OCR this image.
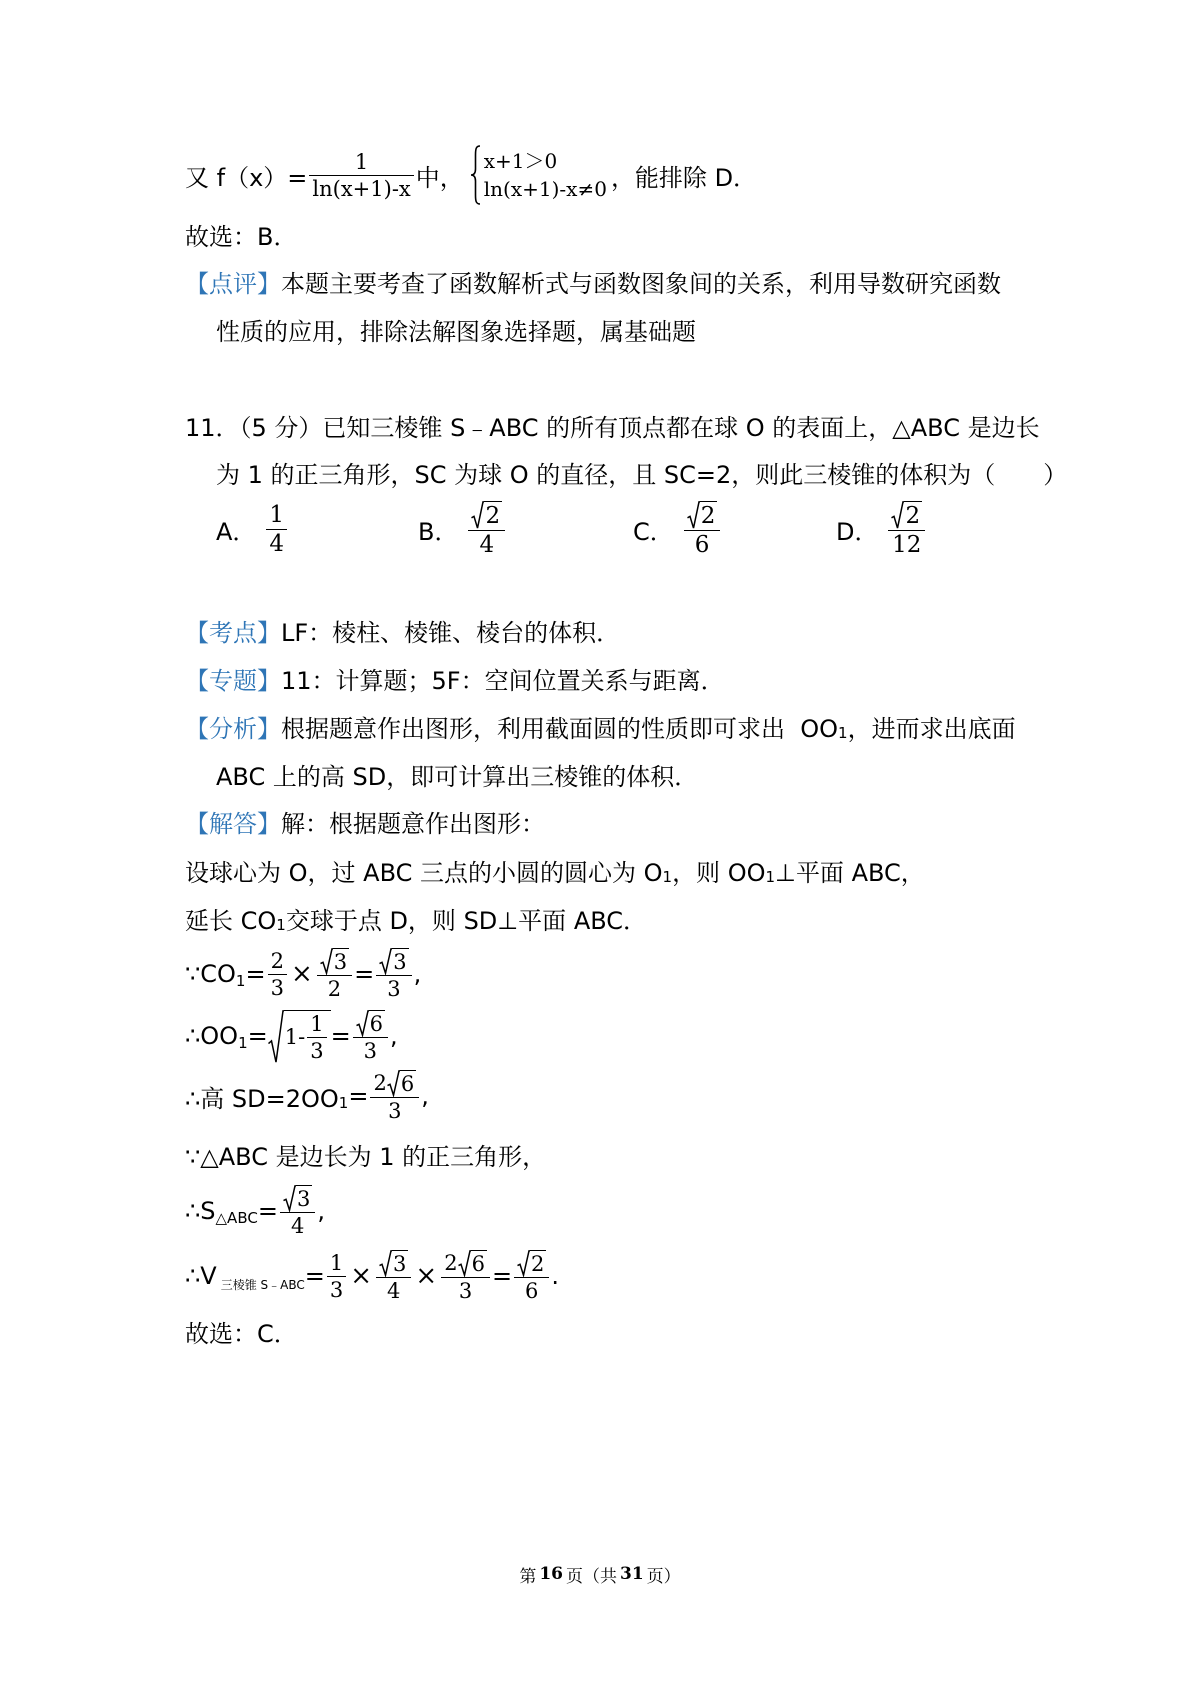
又 $f(x)= \frac{1}{\ln(x+1)-x}$ 中，
x+1＞0
ln(x+1)-x≠0 ，能排除 D．
故选：B．
【点评】 本题主要考查了函数解析式与函数图象间的关系，利用导数研究函数
性质的应用，排除法解图象选择题，属基础题
11．（5 分）已知三棱锥 S﹣ABC 的所有顶点都在球 O 的表面上，△ABC 是边长
为 1 的正三角形，SC 为球 O 的直径，且 SC=2，则此三棱锥的体积为（　　）
A． $\frac{1}{4}$	B． $\frac{2}{4}$	C． $\frac{2}{6}$	D． $\frac{2}{12}$
【考点】 LF：棱柱、棱锥、棱台的体积．
【专题】 11：计算题；5F：空间位置关系与距离．
【分析】 根据题意作出图形，利用截面圆的性质即可求出  OO 1 ，进而求出底面
ABC 上的高 SD，即可计算出三棱锥的体积．
【解答】 解：根据题意作出图形：
设球心为 O，过 ABC 三点的小圆的圆心为 O 1 ，则 OO 1 ⊥平面 ABC，
延长 CO 1 交球于点 D，则 SD⊥平面 ABC．
∵CO $1 = \frac{2}{3} \times \frac{3}{2} = \frac{3}{3}$ ,
∴OO $1 = 1- \frac{1}{3} = \frac{6}{3}$ ,
∴高 SD=2OO $1 = \frac{2 6}{3}$ ,
∵△ABC 是边长为 1 的正三角形，
∴S △ABC = $\frac{3}{4}$ ,
∴V 三棱锥 S﹣ABC = $\frac{1}{3} \times \frac{3}{4} \times \frac{2 6}{3} = \frac{2}{6}$ .
故选：C．
第 16 页（共 31 页）
